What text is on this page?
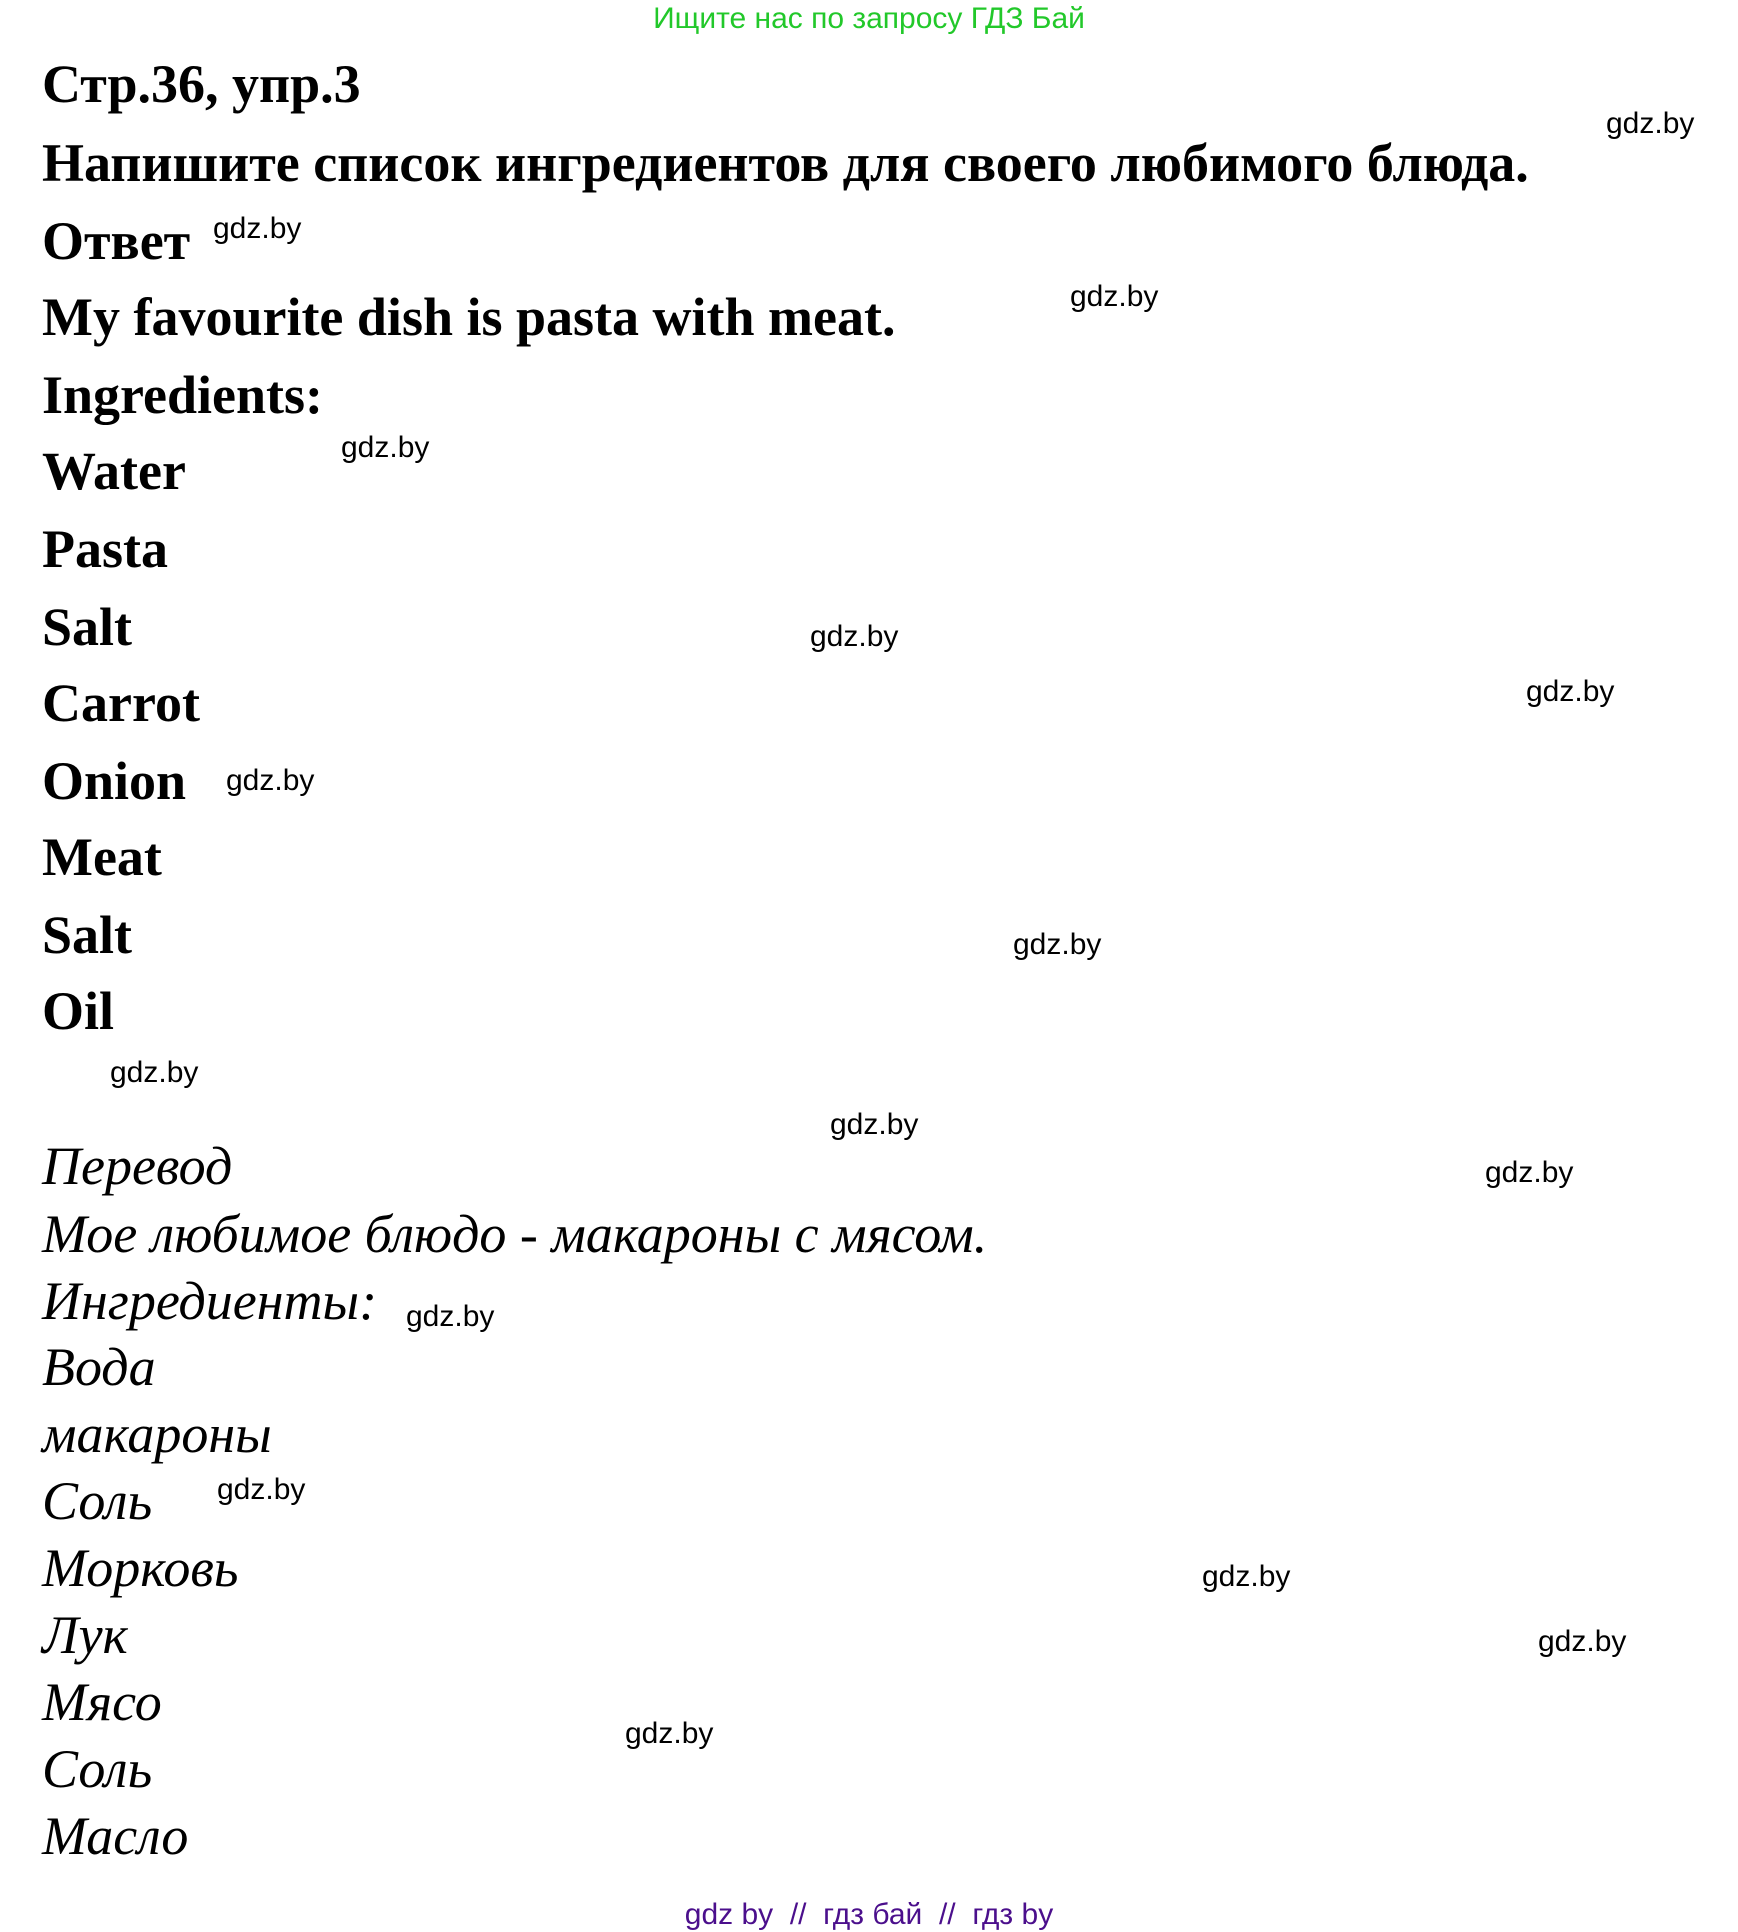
Ищите нас по запросу ГДЗ Бай
Стр.36, упр.3
Напишите список ингредиентов для своего любимого блюда.
Ответ
My favourite dish is pasta with meat.
Ingredients:
Water
Pasta
Salt
Carrot
Onion
Meat
Salt
Oil
Перевод
Мое любимое блюдо - макароны с мясом.
Ингредиенты:
Вода
макароны
Соль
Морковь
Лук
Мясо
Соль
Масло
gdz.by
gdz.by
gdz.by
gdz.by
gdz.by
gdz.by
gdz.by
gdz.by
gdz.by
gdz.by
gdz.by
gdz.by
gdz.by
gdz.by
gdz.by
gdz.by
gdz by  //  гдз бай  //  гдз by
